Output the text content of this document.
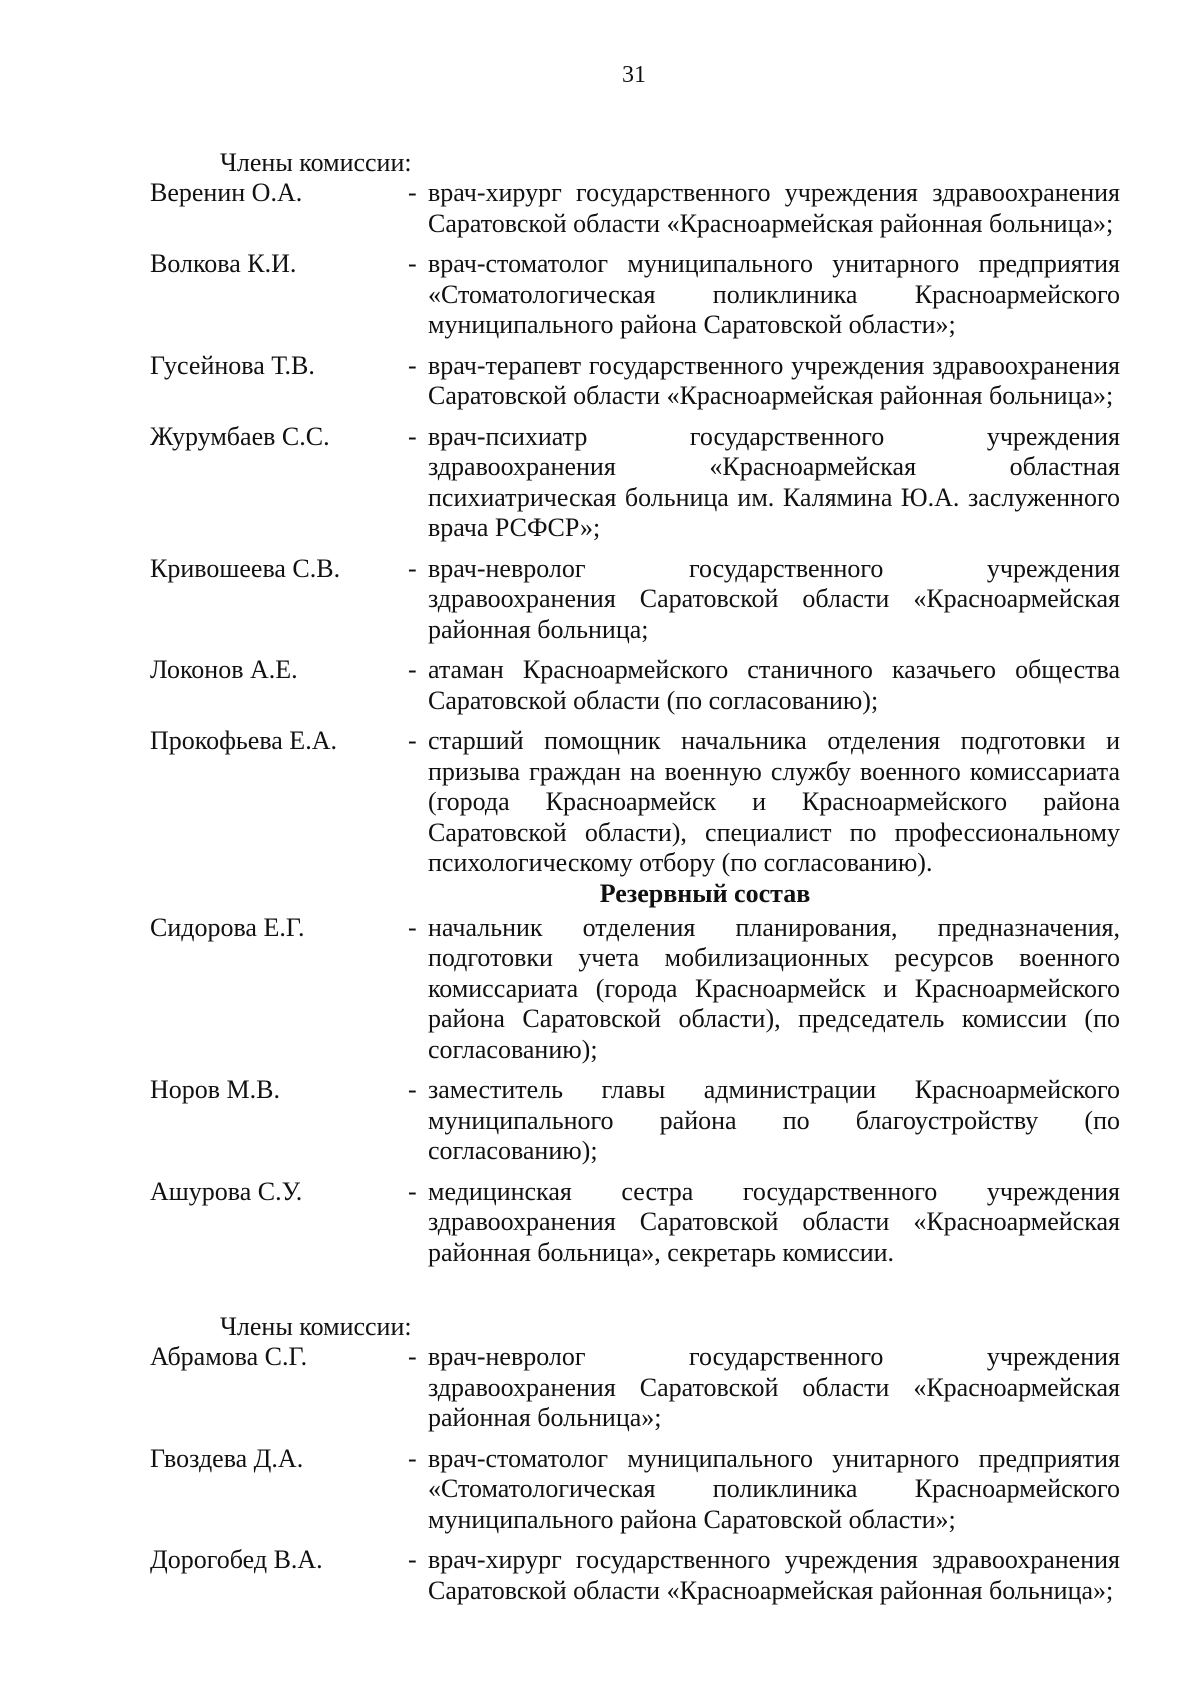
31

Члены комиссии:

Веренин О.А.	- врач-хирург государственного учреждения здравоохранения Саратовской области «Красноармейская районная больница»;
Волкова К.И.	- врач-стоматолог муниципального унитарного предприятия «Стоматологическая поликлиника Красноармейского муниципального района Саратовской области»;
Гусейнова Т.В.	- врач-терапевт государственного учреждения здравоохранения Саратовской области «Красноармейская районная больница»;
Журумбаев С.С.	- врач-психиатр государственного учреждения здравоохранения «Красноармейская областная психиатрическая больница им. Калямина Ю.А. заслуженного врача РСФСР»;
Кривошеева С.В.	- врач-невролог государственного учреждения здравоохранения Саратовской области «Красноармейская районная больница;
Локонов А.Е.	- атаман Красноармейского станичного казачьего общества Саратовской области (по согласованию);
Прокофьева Е.А.	- старший помощник начальника отделения подготовки и призыва граждан на военную службу военного комиссариата (города Красноармейск и Красноармейского района Саратовской области), специалист по профессиональному психологическому отбору (по согласованию).

Резервный состав

Сидорова Е.Г.	- начальник отделения планирования, предназначения, подготовки учета мобилизационных ресурсов военного комиссариата (города Красноармейск и Красноармейского района Саратовской области), председатель комиссии (по согласованию);
Норов М.В.	- заместитель главы администрации Красноармейского муниципального района по благоустройству (по согласованию);
Ашурова С.У.	- медицинская сестра государственного учреждения здравоохранения Саратовской области «Красноармейская районная больница», секретарь комиссии.

Члены комиссии:

Абрамова С.Г.	- врач-невролог государственного учреждения здравоохранения Саратовской области «Красноармейская районная больница»;
Гвоздева Д.А.	- врач-стоматолог муниципального унитарного предприятия «Стоматологическая поликлиника Красноармейского муниципального района Саратовской области»;
Дорогобед В.А.	- врач-хирург государственного учреждения здравоохранения Саратовской области «Красноармейская районная больница»;
